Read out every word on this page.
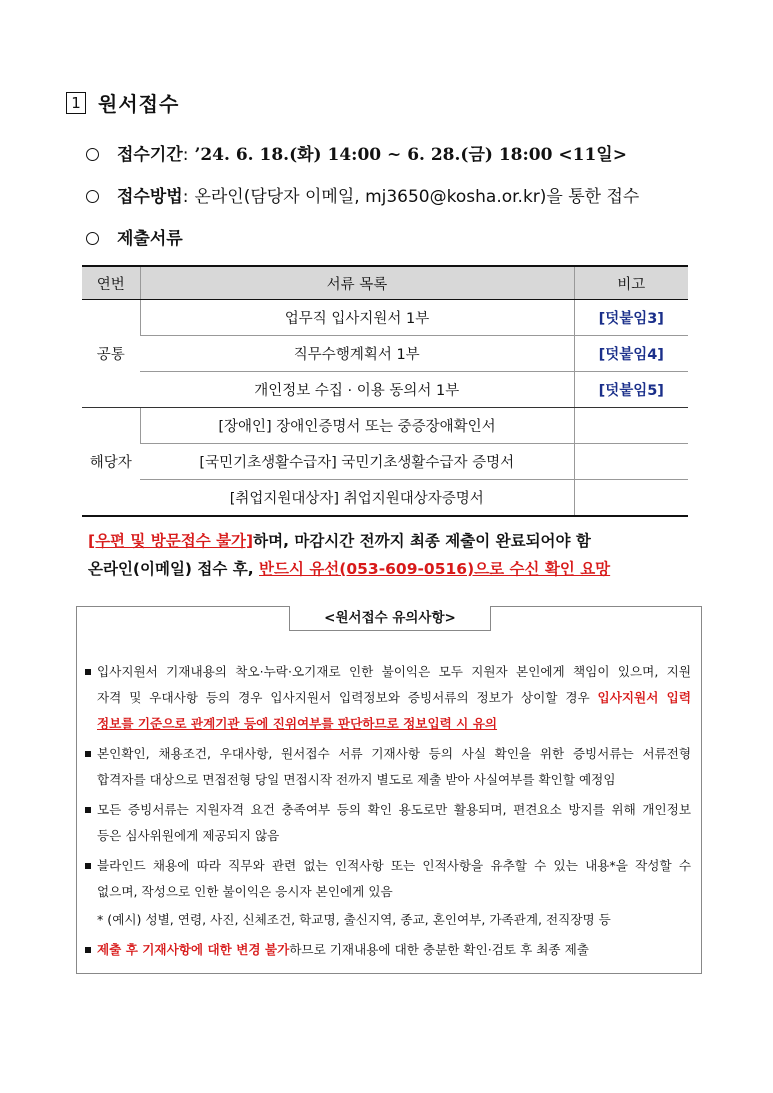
1 원서접수
접수기간 : ’24. 6. 18.(화) 14:00 ~ 6. 28.(금) 18:00 <11일>
접수방법 : 온라인(담당자 이메일, mj3650@kosha.or.kr)을 통한 접수
제출서류
연번	서류 목록	비고
공통	업무직 입사지원서 1부	[덧붙임3]
	직무수행계획서 1부	[덧붙임4]
	개인정보 수집 · 이용 동의서 1부	[덧붙임5]
해당자	[장애인] 장애인증명서 또는 중증장애확인서	
	[국민기초생활수급자] 국민기초생활수급자 증명서	
	[취업지원대상자] 취업지원대상자증명서	
[우편 및 방문접수 불가]하며, 마감시간 전까지 최종 제출이 완료되어야 함
온라인(이메일) 접수 후, 반드시 유선(053-609-0516)으로 수신 확인 요망
<원서접수 유의사항>

입사지원서 기재내용의 착오·누락·오기재로 인한 불이익은 모두 지원자 본인에게 책임이 있으며, 지원

자격 및 우대사항 등의 경우 입사지원서 입력정보와 증빙서류의 정보가 상이할 경우 입사지원서 입력

정보를 기준으로 관계기관 등에 진위여부를 판단하므로 정보입력 시 유의

본인확인, 채용조건, 우대사항, 원서접수 서류 기재사항 등의 사실 확인을 위한 증빙서류는 서류전형

합격자를 대상으로 면접전형 당일 면접시작 전까지 별도로 제출 받아 사실여부를 확인할 예정임

모든 증빙서류는 지원자격 요건 충족여부 등의 확인 용도로만 활용되며, 편견요소 방지를 위해 개인정보

등은 심사위원에게 제공되지 않음

블라인드 채용에 따라 직무와 관련 없는 인적사항 또는 인적사항을 유추할 수 있는 내용*을 작성할 수

없으며, 작성으로 인한 불이익은 응시자 본인에게 있음

* (예시) 성별, 연령, 사진, 신체조건, 학교명, 출신지역, 종교, 혼인여부, 가족관계, 전직장명 등

제출 후 기재사항에 대한 변경 불가하므로 기재내용에 대한 충분한 확인·검토 후 최종 제출
